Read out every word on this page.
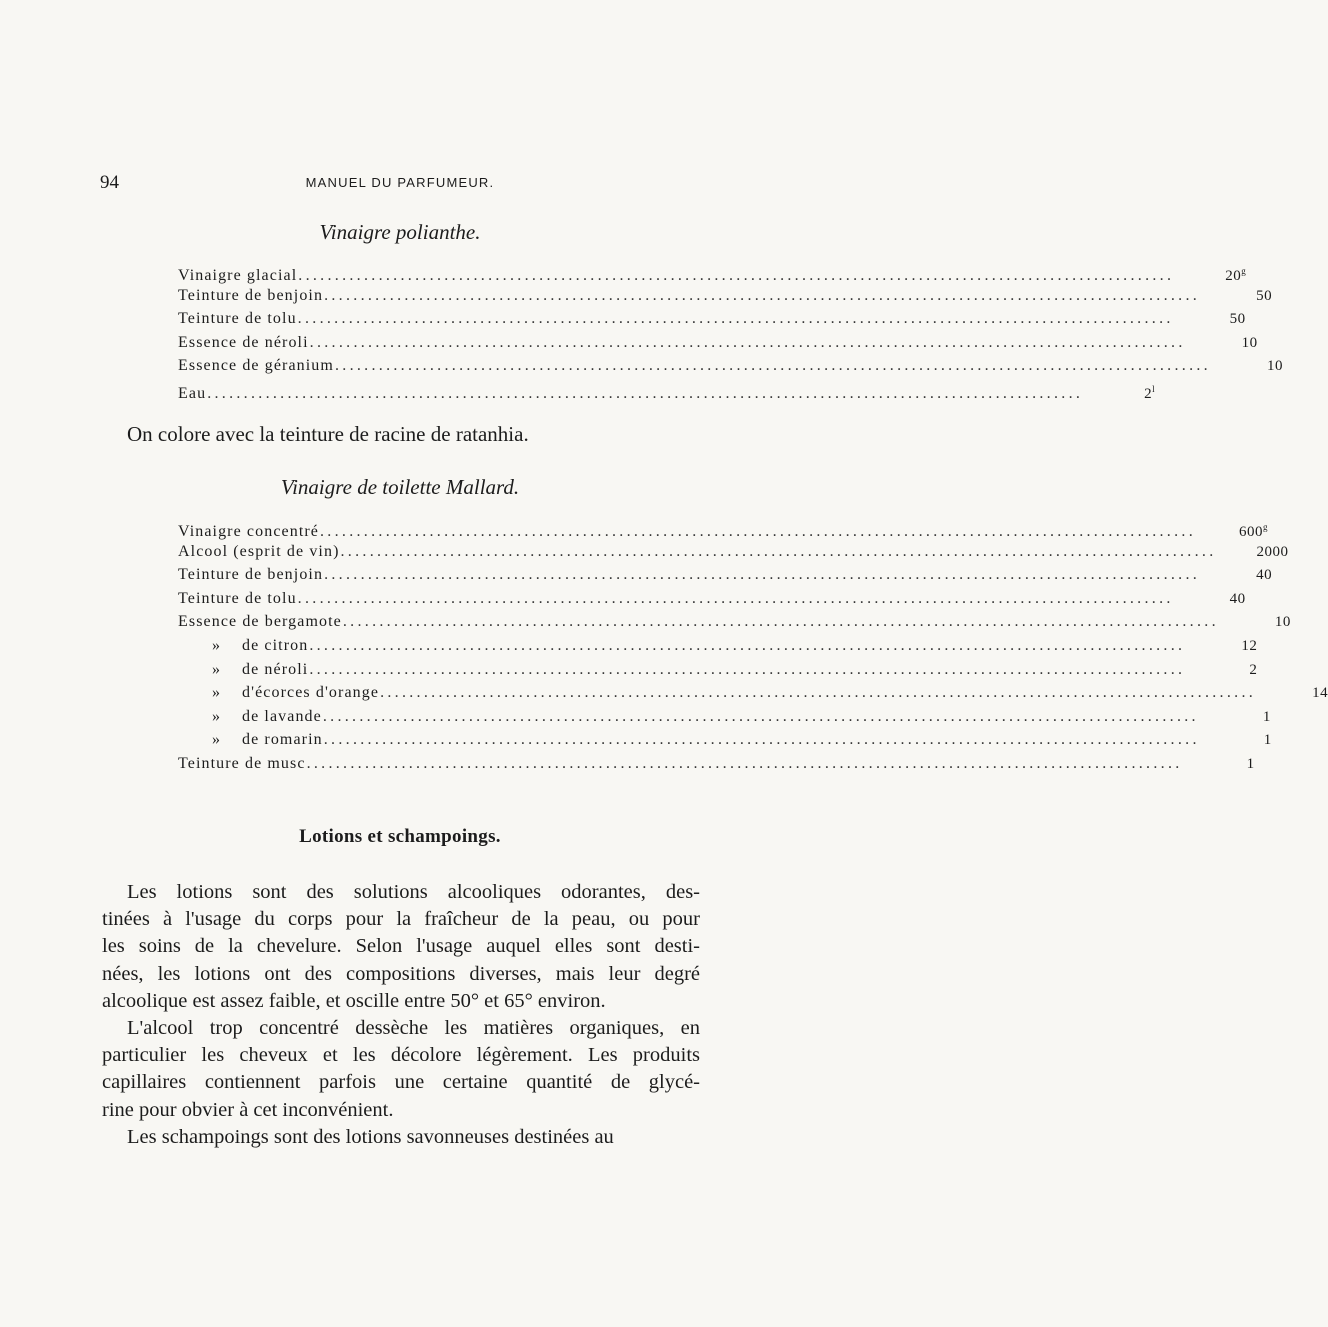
94	MANUEL DU PARFUMEUR.
Vinaigre polianthe.
Vinaigre glacial ........................................................................................................................	20$^g$
Teinture de benjoin ........................................................................................................................	50
Teinture de tolu ........................................................................................................................	50
Essence de néroli ........................................................................................................................	10
Essence de géranium ........................................................................................................................	10
Eau ........................................................................................................................	2$^l$
On colore avec la teinture de racine de ratanhia.
Vinaigre de toilette Mallard.
Vinaigre concentré ........................................................................................................................	600$^g$
Alcool (esprit de vin) ........................................................................................................................	2000
Teinture de benjoin ........................................................................................................................	40
Teinture de tolu ........................................................................................................................	40
Essence de bergamote ........................................................................................................................	10
» de citron ........................................................................................................................	12
» de néroli ........................................................................................................................	2
» d'écorces d'orange ........................................................................................................................	14
» de lavande ........................................................................................................................	1
» de romarin ........................................................................................................................	1
Teinture de musc ........................................................................................................................	1
Lotions et schampoings.

Les lotions sont des solutions alcooliques odorantes, des-
tinées à l'usage du corps pour la fraîcheur de la peau, ou pour
les soins de la chevelure. Selon l'usage auquel elles sont desti-
nées, les lotions ont des compositions diverses, mais leur degré
alcoolique est assez faible, et oscille entre 50° et 65° environ.

L'alcool trop concentré dessèche les matières organiques, en
particulier les cheveux et les décolore légèrement. Les produits
capillaires contiennent parfois une certaine quantité de glycé-
rine pour obvier à cet inconvénient.

Les schampoings sont des lotions savonneuses destinées au
